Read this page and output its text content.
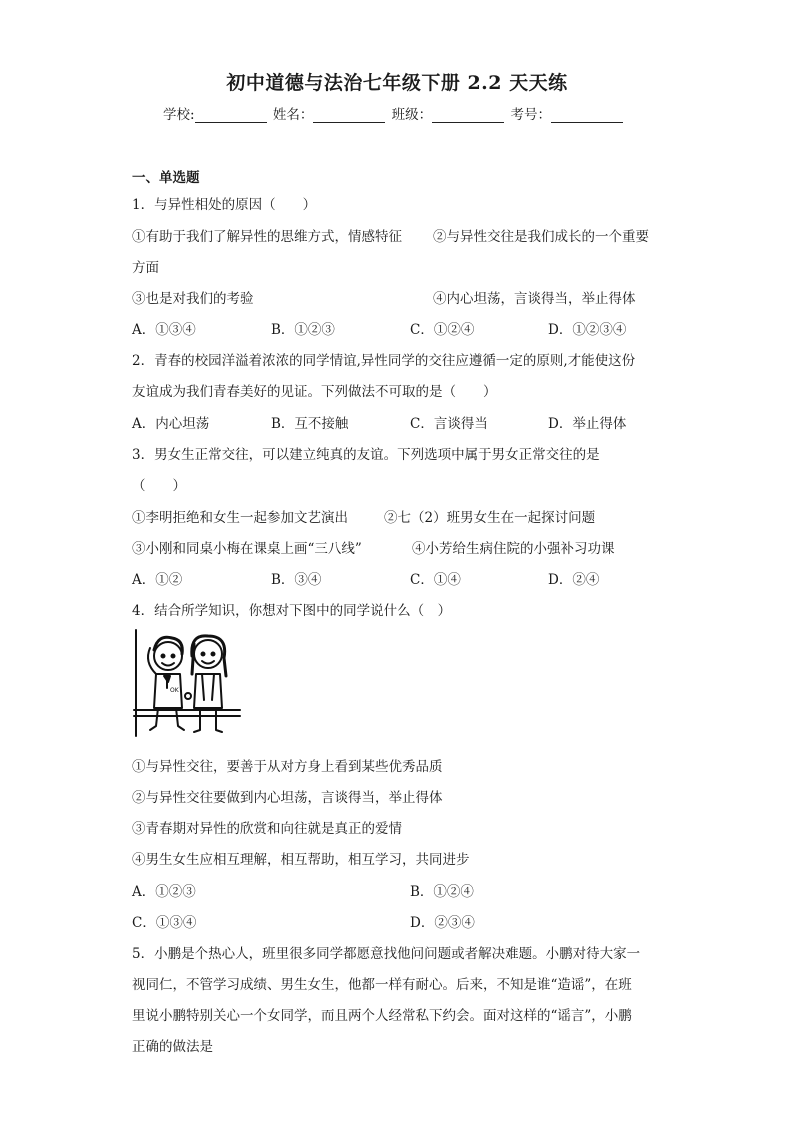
初中道德与法治七年级下册 2.2 天天练
学校:	姓名：	班级：	考号：
一、单选题
1．与异性相处的原因（　　）
①有助于我们了解异性的思维方式，情感特征 ②与异性交往是我们成长的一个重要
方面
③也是对我们的考验	④内心坦荡，言谈得当，举止得体
A．①③④	B．①②③	C．①②④	D．①②③④
2．青春的校园洋溢着浓浓的同学情谊,异性同学的交往应遵循一定的原则,才能使这份
友谊成为我们青春美好的见证。下列做法不可取的是（　　）
A．内心坦荡	B．互不接触	C．言谈得当	D．举止得体
3．男女生正常交往，可以建立纯真的友谊。下列选项中属于男女正常交往的是
（　　）
①李明拒绝和女生一起参加文艺演出	②七（2）班男女生在一起探讨问题
③小刚和同桌小梅在课桌上画“三八线”	④小芳给生病住院的小强补习功课
A．①②	B．③④	C．①④	D．②④
4．结合所学知识，你想对下图中的同学说什么（　）
OK
①与异性交往，要善于从对方身上看到某些优秀品质
②与异性交往要做到内心坦荡，言谈得当，举止得体
③青春期对异性的欣赏和向往就是真正的爱情
④男生女生应相互理解，相互帮助，相互学习，共同进步
A．①②③	B．①②④
C．①③④	D．②③④
5．小鹏是个热心人，班里很多同学都愿意找他问问题或者解决难题。小鹏对待大家一
视同仁，不管学习成绩、男生女生，他都一样有耐心。后来，不知是谁“造谣”，在班
里说小鹏特别关心一个女同学，而且两个人经常私下约会。面对这样的“谣言”，小鹏
正确的做法是
